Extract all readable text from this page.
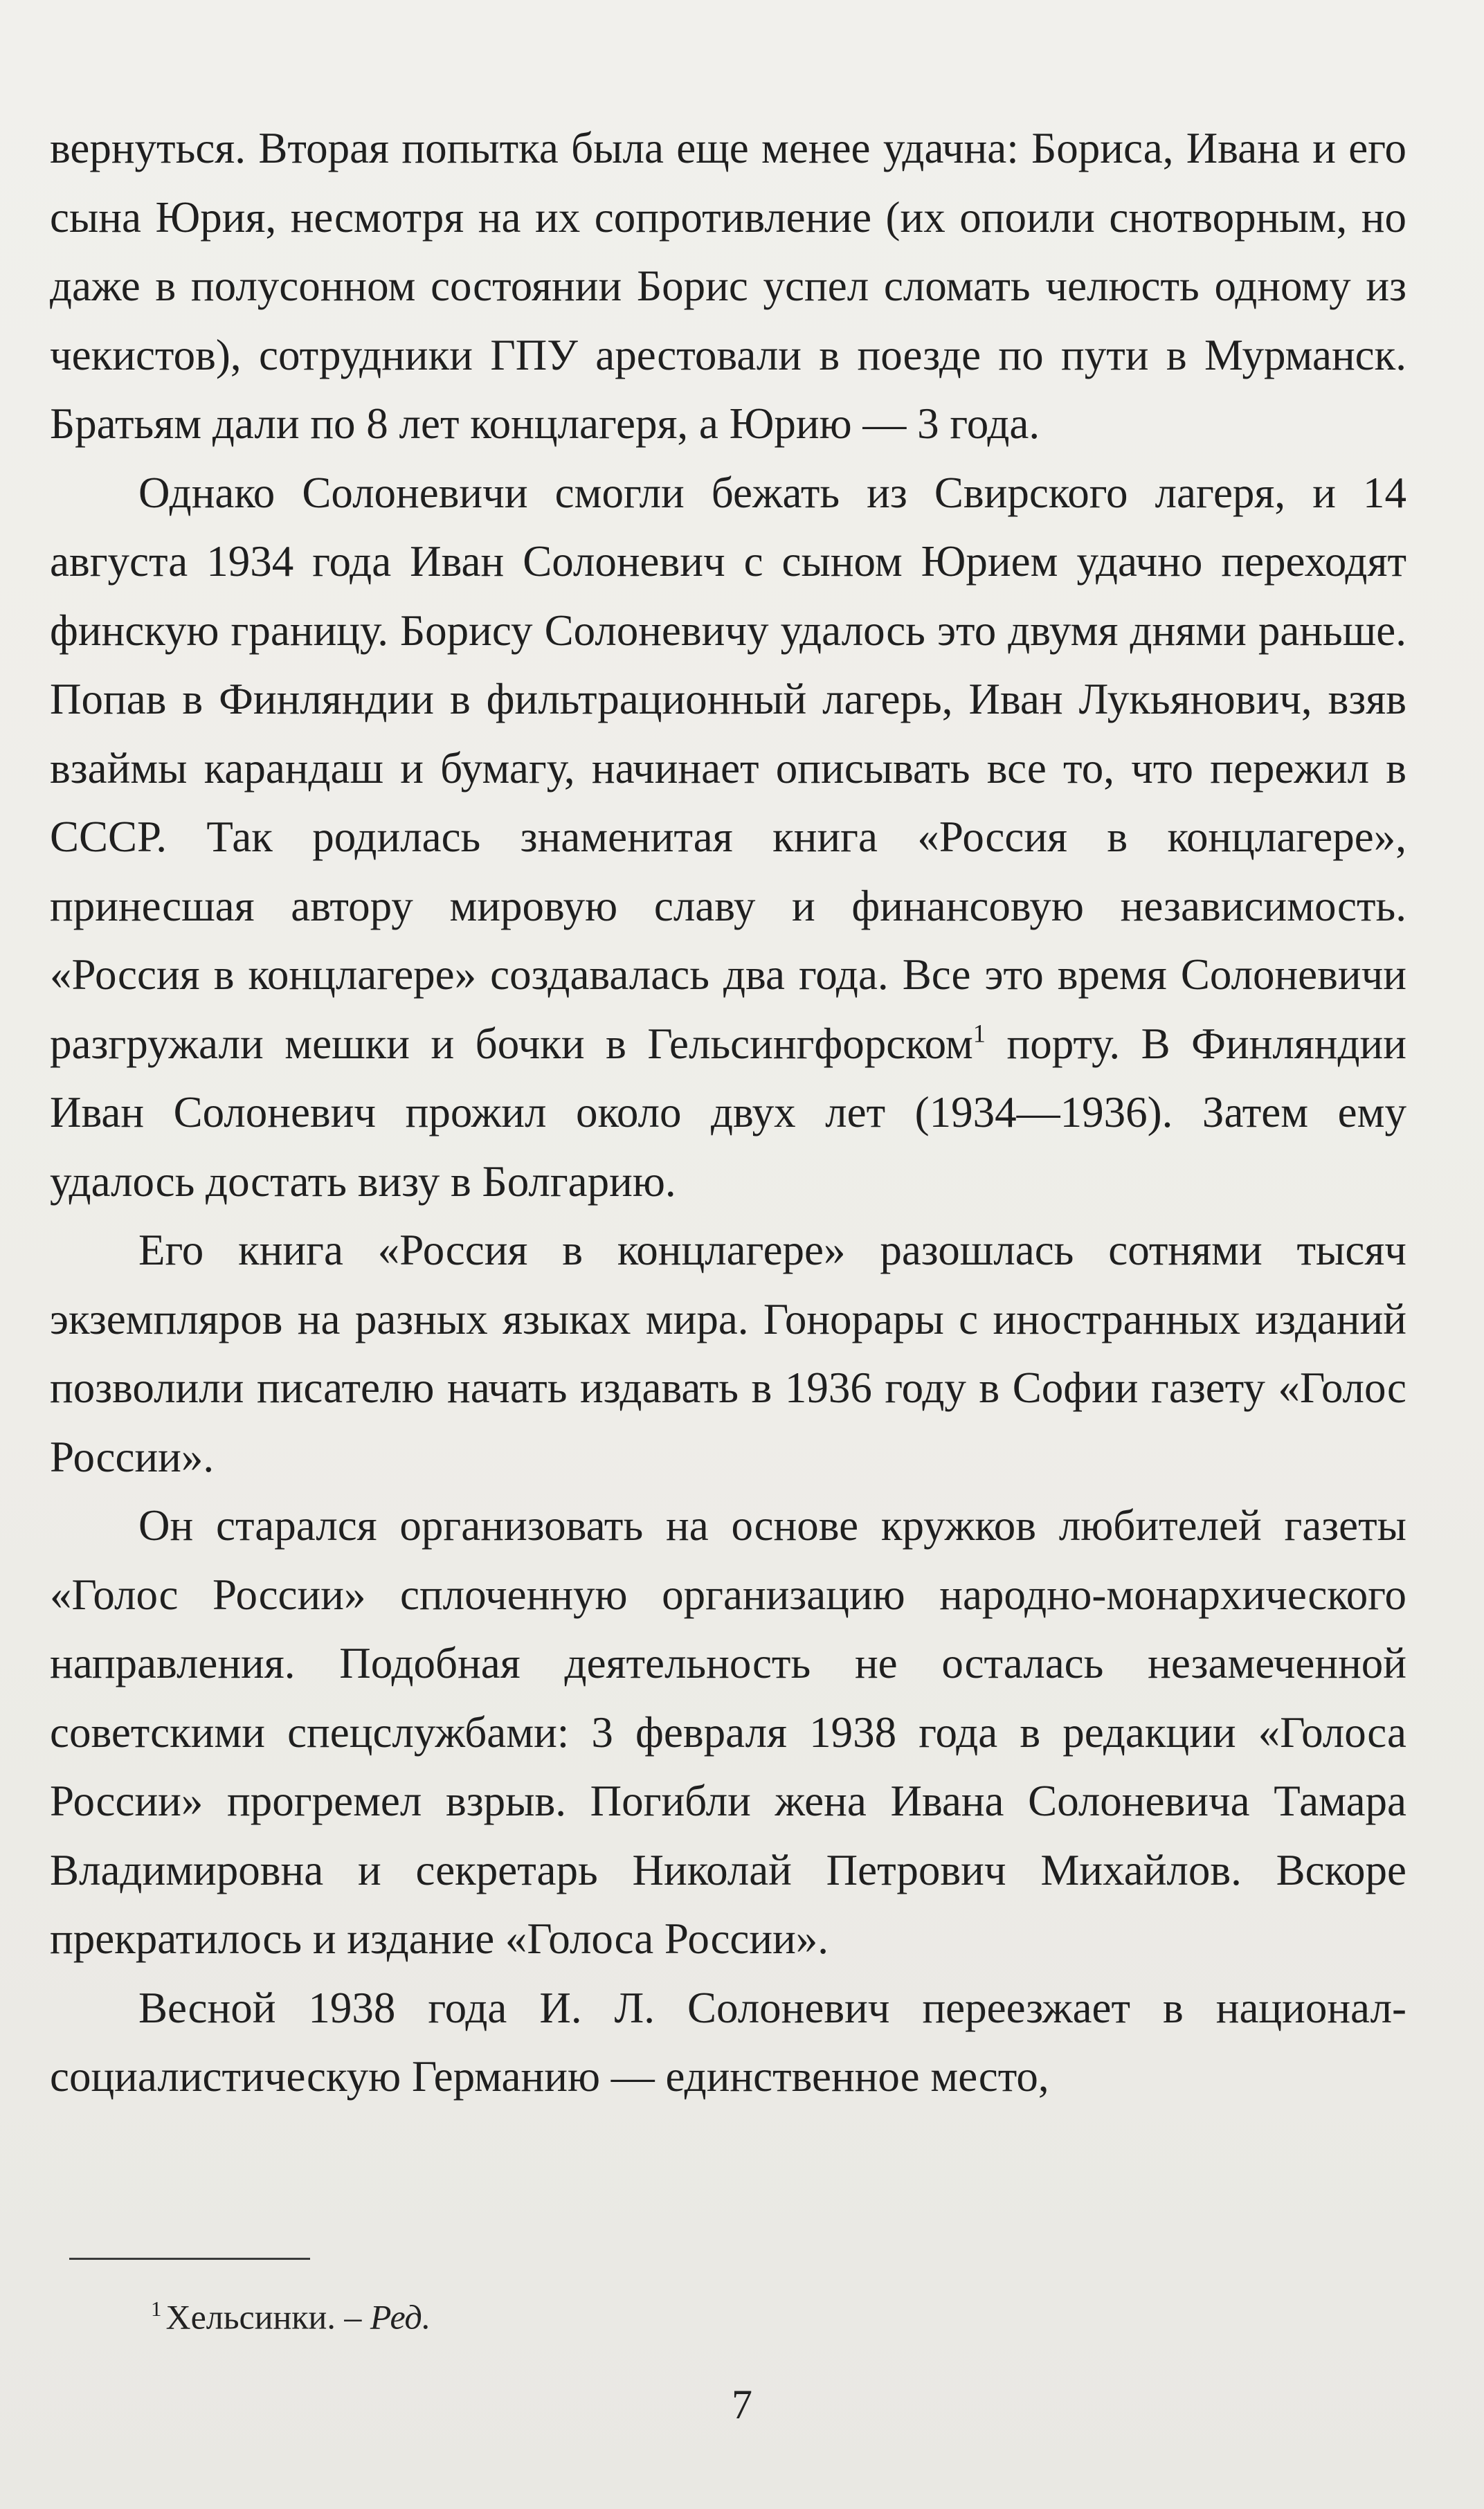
вернуться. Вторая попытка была еще менее удачна: Бориса, Ивана и его сына Юрия, несмотря на их сопротивление (их опоили снотворным, но даже в полусонном состоянии Борис успел сломать челюсть одному из чекистов), сотрудники ГПУ арестовали в поезде по пути в Мурманск. Братьям дали по 8 лет концлагеря, а Юрию — 3 года.

Однако Солоневичи смогли бежать из Свирского лагеря, и 14 августа 1934 года Иван Солоневич с сыном Юрием удачно переходят финскую границу. Борису Солоневичу удалось это двумя днями раньше. Попав в Финляндии в фильтрационный лагерь, Иван Лукьянович, взяв взаймы карандаш и бумагу, начинает описывать все то, что пережил в СССР. Так родилась знаменитая книга «Россия в концлагере», принесшая автору мировую славу и финансовую независимость. «Россия в концлагере» создавалась два года. Все это время Солоневичи разгружали мешки и бочки в Гельсингфорском$^1$ порту. В Финляндии Иван Солоневич прожил около двух лет (1934—1936). Затем ему удалось достать визу в Болгарию.

Его книга «Россия в концлагере» разошлась сотнями тысяч экземпляров на разных языках мира. Гонорары с иностранных изданий позволили писателю начать издавать в 1936 году в Софии газету «Голос России».

Он старался организовать на основе кружков любителей газеты «Голос России» сплоченную организацию народно-монархического направления. Подобная деятельность не осталась незамеченной советскими спецслужбами: 3 февраля 1938 года в редакции «Голоса России» прогремел взрыв. Погибли жена Ивана Солоневича Тамара Владимировна и секретарь Николай Петрович Михайлов. Вскоре прекратилось и издание «Голоса России».

Весной 1938 года И. Л. Солоневич переезжает в национал-социалистическую Германию — единственное место,

$^1$ Хельсинки. – Ред.
7
